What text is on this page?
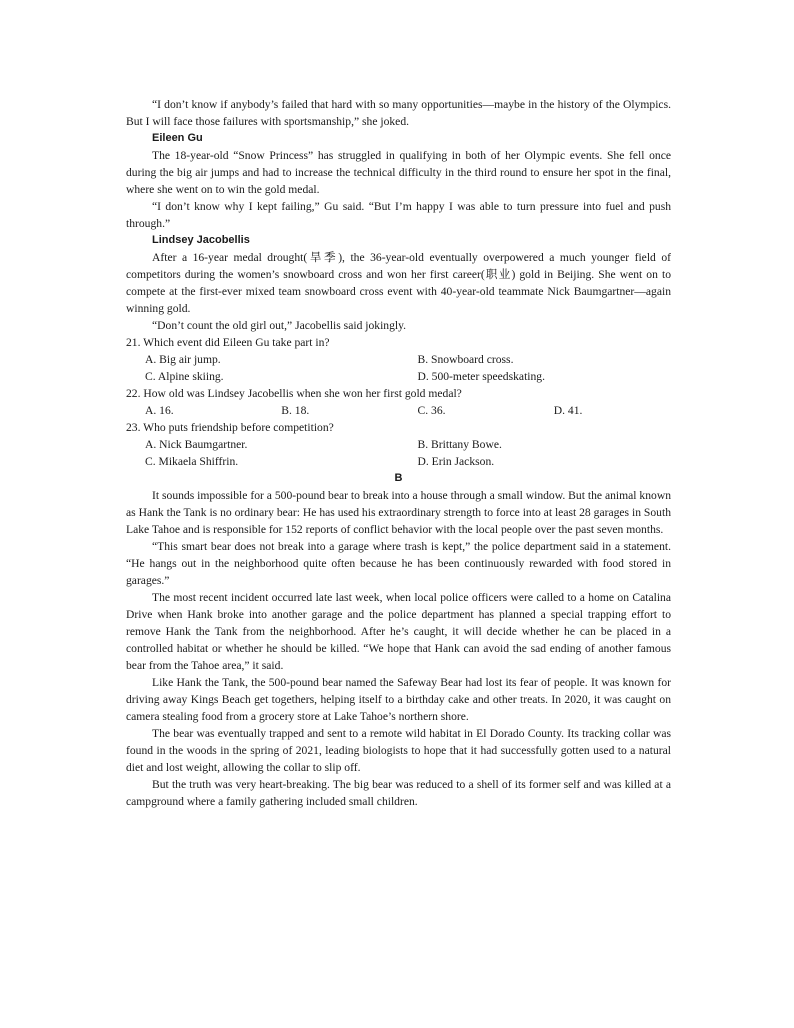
“I don’t know if anybody’s failed that hard with so many opportunities—maybe in the history of the Olympics. But I will face those failures with sportsmanship,” she joked.

Eileen Gu

The 18-year-old “Snow Princess” has struggled in qualifying in both of her Olympic events. She fell once during the big air jumps and had to increase the technical difficulty in the third round to ensure her spot in the final, where she went on to win the gold medal.

“I don’t know why I kept failing,” Gu said. “But I’m happy I was able to turn pressure into fuel and push through.”

Lindsey Jacobellis

After a 16-year medal drought(旱季), the 36-year-old eventually overpowered a much younger field of competitors during the women’s snowboard cross and won her first career(职业) gold in Beijing. She went on to compete at the first-ever mixed team snowboard cross event with 40-year-old teammate Nick Baumgartner—again winning gold.

“Don’t count the old girl out,” Jacobellis said jokingly.

21. Which event did Eileen Gu take part in?

A. Big air jump.	B. Snowboard cross.
C. Alpine skiing.	D. 500-meter speedskating.

22. How old was Lindsey Jacobellis when she won her first gold medal?

A. 16.	B. 18.	C. 36.	D. 41.

23. Who puts friendship before competition?

A. Nick Baumgartner.	B. Brittany Bowe.
C. Mikaela Shiffrin.	D. Erin Jackson.

B

It sounds impossible for a 500-pound bear to break into a house through a small window. But the animal known as Hank the Tank is no ordinary bear: He has used his extraordinary strength to force into at least 28 garages in South Lake Tahoe and is responsible for 152 reports of conflict behavior with the local people over the past seven months.

“This smart bear does not break into a garage where trash is kept,” the police department said in a statement. “He hangs out in the neighborhood quite often because he has been continuously rewarded with food stored in garages.”

The most recent incident occurred late last week, when local police officers were called to a home on Catalina Drive when Hank broke into another garage and the police department has planned a special trapping effort to remove Hank the Tank from the neighborhood. After he’s caught, it will decide whether he can be placed in a controlled habitat or whether he should be killed. “We hope that Hank can avoid the sad ending of another famous bear from the Tahoe area,” it said.

Like Hank the Tank, the 500-pound bear named the Safeway Bear had lost its fear of people. It was known for driving away Kings Beach get togethers, helping itself to a birthday cake and other treats. In 2020, it was caught on camera stealing food from a grocery store at Lake Tahoe’s northern shore.

The bear was eventually trapped and sent to a remote wild habitat in El Dorado County. Its tracking collar was found in the woods in the spring of 2021, leading biologists to hope that it had successfully gotten used to a natural diet and lost weight, allowing the collar to slip off.

But the truth was very heart-breaking. The big bear was reduced to a shell of its former self and was killed at a campground where a family gathering included small children.
